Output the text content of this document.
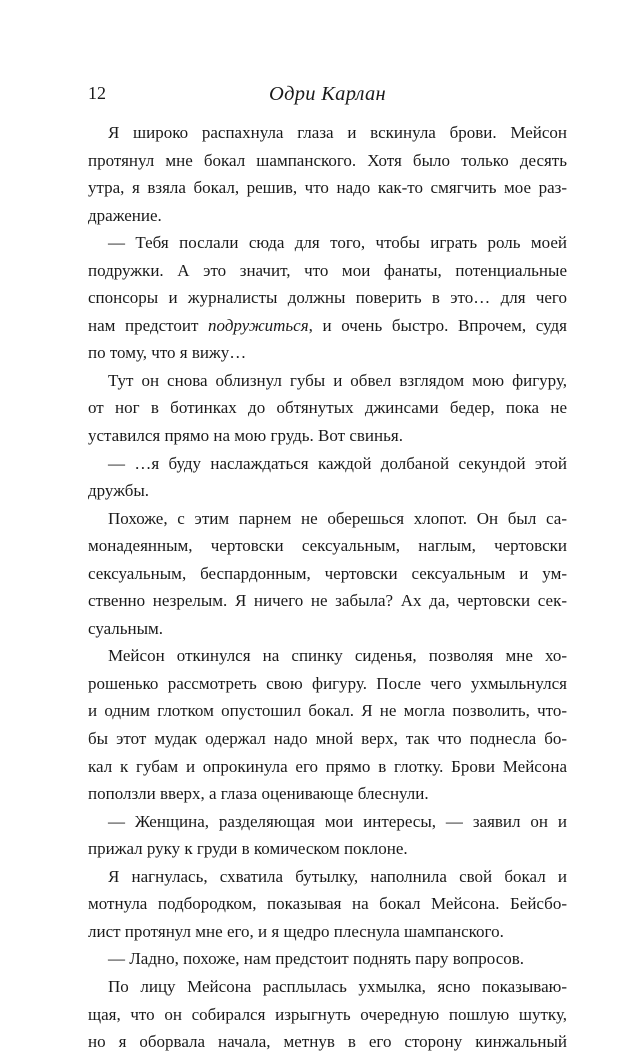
12	Одри Карлан
Я широко распахнула глаза и вскинула брови. Мейсон
протянул мне бокал шампанского. Хотя было только десять
утра, я взяла бокал, решив, что надо как-то смягчить мое раз-
дражение.
— Тебя послали сюда для того, чтобы играть роль моей
подружки. А это значит, что мои фанаты, потенциальные
спонсоры и журналисты должны поверить в это… для чего
нам предстоит подружиться, и очень быстро. Впрочем, судя
по тому, что я вижу…
Тут он снова облизнул губы и обвел взглядом мою фигуру,
от ног в ботинках до обтянутых джинсами бедер, пока не
уставился прямо на мою грудь. Вот свинья.
— …я буду наслаждаться каждой долбаной секундой этой
дружбы.
Похоже, с этим парнем не оберешься хлопот. Он был са-
монадеянным, чертовски сексуальным, наглым, чертовски
сексуальным, беспардонным, чертовски сексуальным и ум-
ственно незрелым. Я ничего не забыла? Ах да, чертовски сек-
суальным.
Мейсон откинулся на спинку сиденья, позволяя мне хо-
рошенько рассмотреть свою фигуру. После чего ухмыльнулся
и одним глотком опустошил бокал. Я не могла позволить, что-
бы этот мудак одержал надо мной верх, так что поднесла бо-
кал к губам и опрокинула его прямо в глотку. Брови Мейсона
поползли вверх, а глаза оценивающе блеснули.
— Женщина, разделяющая мои интересы, — заявил он и
прижал руку к груди в комическом поклоне.
Я нагнулась, схватила бутылку, наполнила свой бокал и
мотнула подбородком, показывая на бокал Мейсона. Бейсбо-
лист протянул мне его, и я щедро плеснула шампанского.
— Ладно, похоже, нам предстоит поднять пару вопросов.
По лицу Мейсона расплылась ухмылка, ясно показываю-
щая, что он собирался изрыгнуть очередную пошлую шутку,
но я оборвала начала, метнув в его сторону кинжальный
